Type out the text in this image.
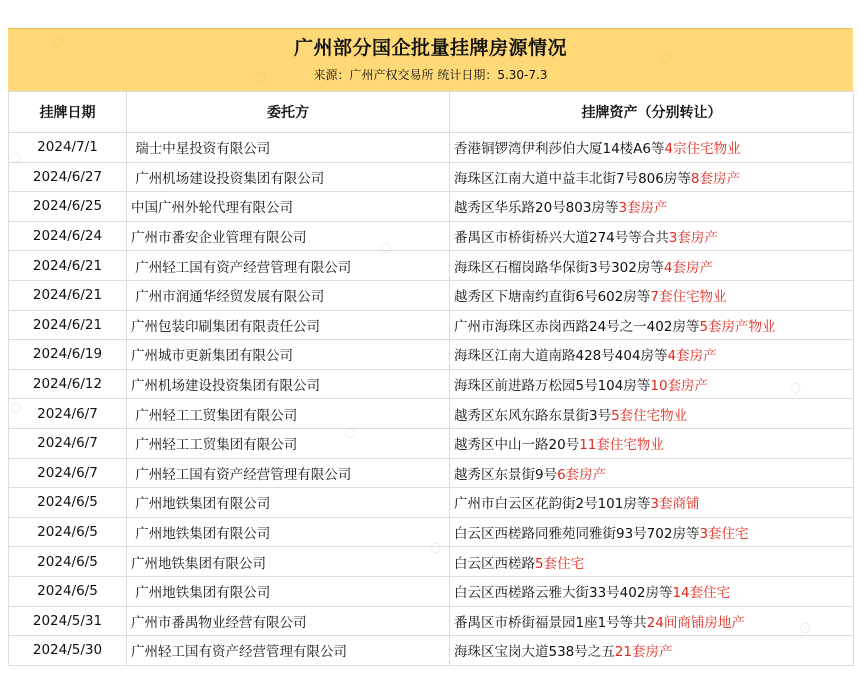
广州部分国企批量挂牌房源情况
来源：广州产权交易所 统计日期：5.30-7.3
挂牌日期	委托方	挂牌资产（分别转让）
2024/7/1	瑞士中星投资有限公司	香港铜锣湾伊利莎伯大厦14楼A6等4宗住宅物业
2024/6/27	广州机场建设投资集团有限公司	海珠区江南大道中益丰北街7号806房等8套房产
2024/6/25	中国广州外轮代理有限公司	越秀区华乐路20号803房等3套房产
2024/6/24	广州市番安企业管理有限公司	番禺区市桥街桥兴大道274号等合共3套房产
2024/6/21	广州轻工国有资产经营管理有限公司	海珠区石榴岗路华保街3号302房等4套房产
2024/6/21	广州市润通华经贸发展有限公司	越秀区下塘南约直街6号602房等7套住宅物业
2024/6/21	广州包装印刷集团有限责任公司	广州市海珠区赤岗西路24号之一402房等5套房产物业
2024/6/19	广州城市更新集团有限公司	海珠区江南大道南路428号404房等4套房产
2024/6/12	广州机场建设投资集团有限公司	海珠区前进路万松园5号104房等10套房产
2024/6/7	广州轻工工贸集团有限公司	越秀区东风东路东景街3号5套住宅物业
2024/6/7	广州轻工工贸集团有限公司	越秀区中山一路20号11套住宅物业
2024/6/7	广州轻工国有资产经营管理有限公司	越秀区东景街9号6套房产
2024/6/5	广州地铁集团有限公司	广州市白云区花韵街2号101房等3套商铺
2024/6/5	广州地铁集团有限公司	白云区西槎路同雅苑同雅街93号702房等3套住宅
2024/6/5	广州地铁集团有限公司	白云区西槎路5套住宅
2024/6/5	广州地铁集团有限公司	白云区西槎路云雅大街33号402房等14套住宅
2024/5/31	广州市番禺物业经营有限公司	番禺区市桥街福景园1座1号等共24间商铺房地产
2024/5/30	广州轻工国有资产经营管理有限公司	海珠区宝岗大道538号之五21套房产
〇
〇
〇
〇
〇
〇
〇
